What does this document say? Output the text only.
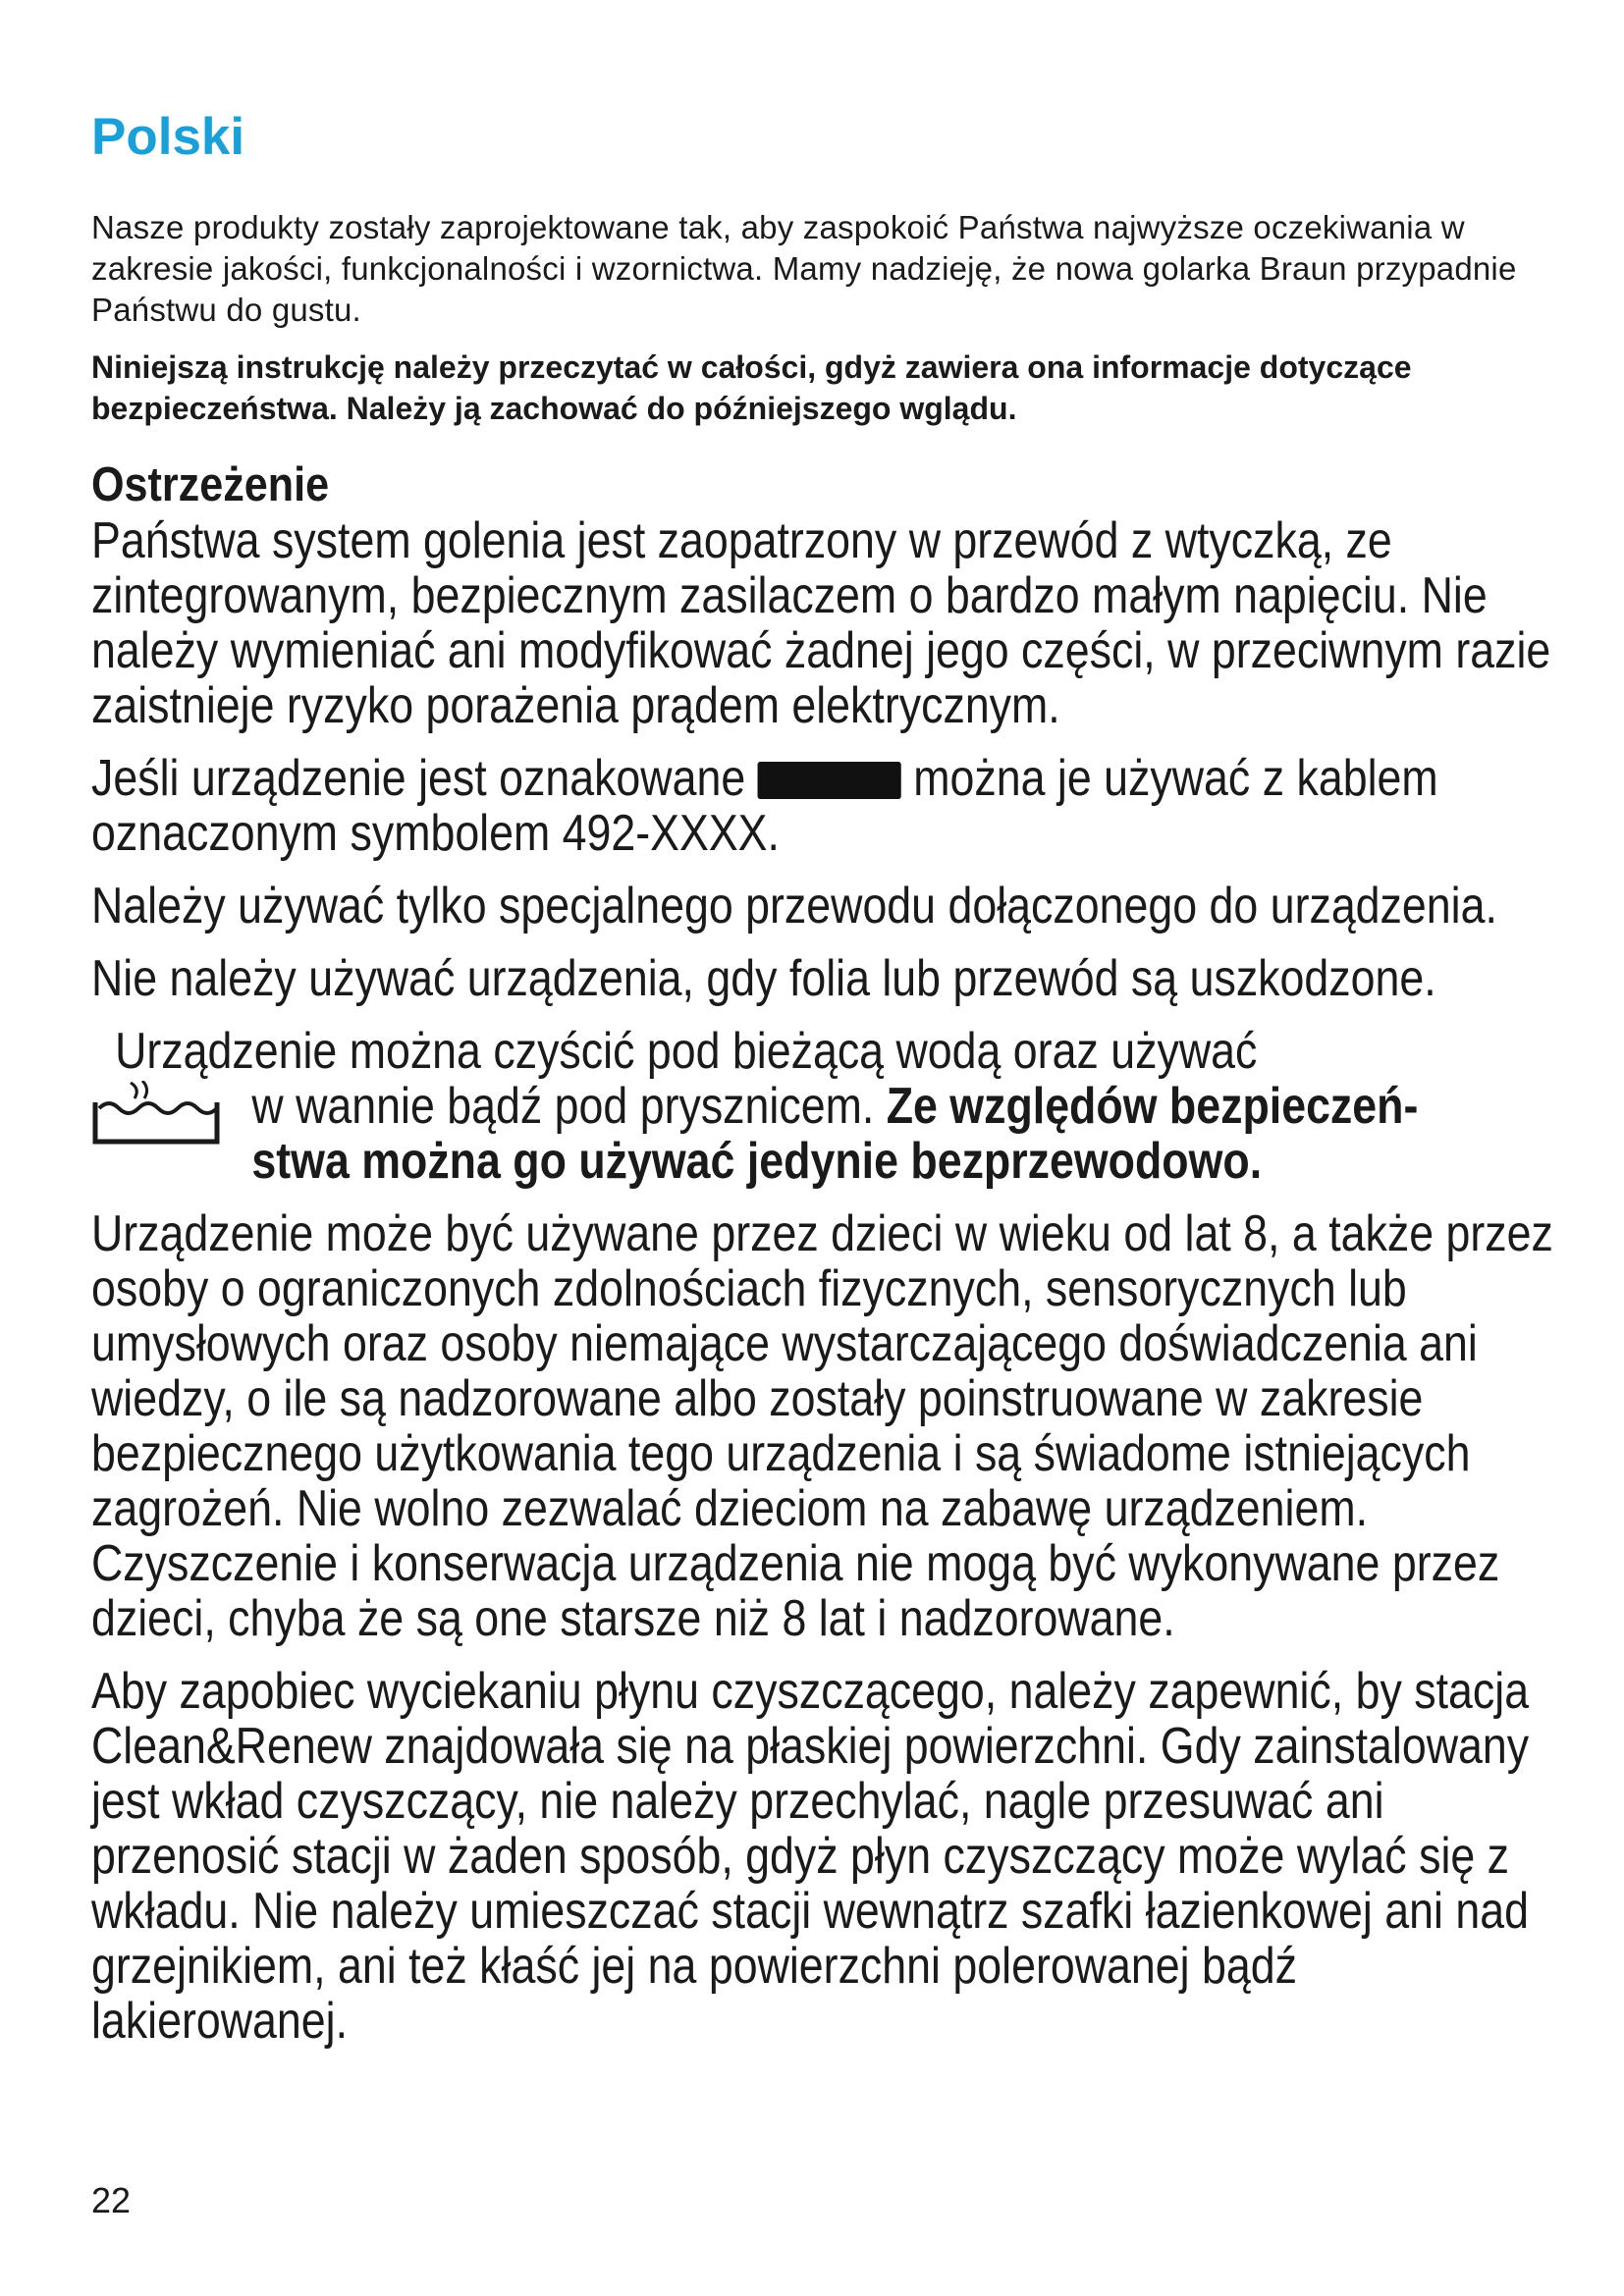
Polski

Nasze produkty zostały zaprojektowane tak, aby zaspokoić Państwa najwyższe oczekiwania w zakresie jakości, funkcjonalności i wzornictwa. Mamy nadzieję, że nowa golarka Braun przypadnie Państwu do gustu.

Niniejszą instrukcję należy przeczytać w całości, gdyż zawiera ona informacje dotyczące bezpieczeństwa. Należy ją zachować do późniejszego wglądu.

Ostrzeżenie

Państwa system golenia jest zaopatrzony w przewód z wtyczką, ze zintegrowanym, bezpiecznym zasilaczem o bardzo małym napięciu. Nie należy wymieniać ani modyfikować żadnej jego części, w przeciwnym razie zaistnieje ryzyko porażenia prądem elektrycznym.

Jeśli urządzenie jest oznakowane	można je używać z kablem oznaczonym symbolem 492-XXXX.

Należy używać tylko specjalnego przewodu dołączonego do urządzenia.

Nie należy używać urządzenia, gdy folia lub przewód są uszkodzone.

Urządzenie można czyścić pod bieżącą wodą oraz używać
w wannie bądź pod prysznicem. Ze względów bezpieczeń-
stwa można go używać jedynie bezprzewodowo.

Urządzenie może być używane przez dzieci w wieku od lat 8, a także przez osoby o ograniczonych zdolnościach fizycznych, sensorycznych lub umysłowych oraz osoby niemające wystarczającego doświadczenia ani wiedzy, o ile są nadzorowane albo zostały poinstruowane w zakresie bezpiecznego użytkowania tego urządzenia i są świadome istniejących zagrożeń. Nie wolno zezwalać dzieciom na zabawę urządzeniem. Czyszczenie i konserwacja urządzenia nie mogą być wykonywane przez dzieci, chyba że są one starsze niż 8 lat i nadzorowane.

Aby zapobiec wyciekaniu płynu czyszczącego, należy zapewnić, by stacja Clean&Renew znajdowała się na płaskiej powierzchni. Gdy zainstalowany jest wkład czyszczący, nie należy przechylać, nagle przesuwać ani przenosić stacji w żaden sposób, gdyż płyn czyszczący może wylać się z wkładu. Nie należy umieszczać stacji wewnątrz szafki łazienkowej ani nad grzejnikiem, ani też kłaść jej na powierzchni polerowanej bądź lakierowanej.

22
